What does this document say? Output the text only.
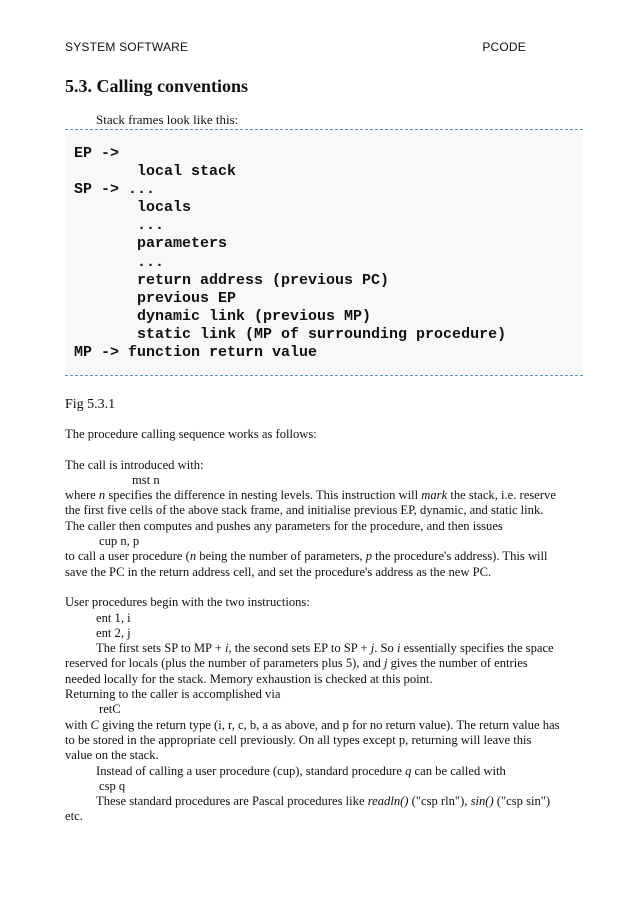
SYSTEM SOFTWARE	PCODE
5.3. Calling conventions
Stack frames look like this:
EP ->
local stack
SP -> ...
locals
...
parameters
...
return address (previous PC)
previous EP
dynamic link (previous MP)
static link (MP of surrounding procedure)
MP -> function return value
Fig 5.3.1

The procedure calling sequence works as follows:

The call is introduced with:

mst n

where n specifies the difference in nesting levels. This instruction will mark the stack, i.e. reserve

the first five cells of the above stack frame, and initialise previous EP, dynamic, and static link.

The caller then computes and pushes any parameters for the procedure, and then issues

cup n, p

to call a user procedure (n being the number of parameters, p the procedure's address). This will

save the PC in the return address cell, and set the procedure's address as the new PC.

User procedures begin with the two instructions:

ent 1, i

ent 2, j

The first sets SP to MP + i, the second sets EP to SP + j. So i essentially specifies the space

reserved for locals (plus the number of parameters plus 5), and j gives the number of entries

needed locally for the stack. Memory exhaustion is checked at this point.

Returning to the caller is accomplished via

retC

with C giving the return type (i, r, c, b, a as above, and p for no return value). The return value has

to be stored in the appropriate cell previously. On all types except p, returning will leave this

value on the stack.

Instead of calling a user procedure (cup), standard procedure q can be called with

csp q

These standard procedures are Pascal procedures like readln() ("csp rln"), sin() ("csp sin")

etc.
